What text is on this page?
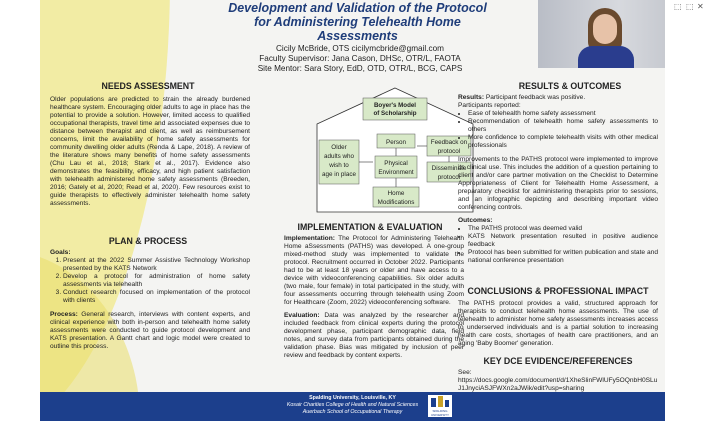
⬚ ⬚ ✕
Development and Validation of the Protocol for Administering Telehealth Home Assessments
Cicily McBride, OTS cicilymcbride@gmail.com
Faculty Supervisor: Jana Cason, DHSc, OTR/L, FAOTA
Site Mentor: Sara Story, EdD, OTD, OTR/L, BCG, CAPS
NEEDS ASSESSMENT
Older populations are predicted to strain the already burdened healthcare system. Encouraging older adults to age in place has the potential to provide a solution. However, limited access to qualified occupational therapists, travel time and associated expenses due to distance between therapist and client, as well as reimbursement concerns, limit the availability of home safety assessments for community dwelling older adults (Renda & Lape, 2018). A review of the literature shows many benefits of home safety assessments (Chu Lau et al., 2018; Stark et al., 2017). Evidence also demonstrates the feasibility, efficacy, and high patient satisfaction with telehealth administered home safety assessments (Breeden, 2016; Gately et al, 2020; Read et al, 2020). Few resources exist to guide therapists to effectively administer telehealth home safety assessments.
PLAN & PROCESS
Goals:
1. Present at the 2022 Summer Assistive Technology Workshop presented by the KATS Network
2. Develop a protocol for administration of home safety assessments via telehealth
3. Conduct research focused on implementation of the protocol with clients
Process: General research, interviews with content experts, and clinical experience with both in-person and telehealth home safety assessments were conducted to guide protocol development and KATS presentation. A Gantt chart and logic model were created to outline this process.
Boyer's Model
of Scholarship
Older
adults who
wish to
age in place
Person
Physical
Environment
Home
Modifications
Feedback on
protocol
Disseminate
protocol
IMPLEMENTATION & EVALUATION
Implementation: The Protocol for Administering Telehealth Home aSsessments (PATHS) was developed. A one-group mixed-method study was implemented to validate the protocol. Recruitment occurred in October 2022. Participants had to be at least 18 years or older and have access to a device with videoconferencing capabilities. Six older adults (two male, four female) in total participated in the study, with four assessments occurring through telehealth using Zoom for Healthcare (Zoom, 2022) videoconferencing software.
Evaluation: Data was analyzed by the researcher and included feedback from clinical experts during the protocol development phase, participant demographic data, field notes, and survey data from participants obtained during the validation phase. Bias was mitigated by inclusion of peer review and feedback by content experts.
RESULTS & OUTCOMES
Results: Participant feedback was positive.
Participants reported:
• Ease of telehealth home safety assessment
• Recommendation of telehealth home safety assessments to others
• More confidence to complete telehealth visits with other medical professionals
Improvements to the PATHS protocol were implemented to improve its clinical use. This includes the addition of a question pertaining to client and/or care partner motivation on the Checklist to Determine Appropriateness of Client for Telehealth Home Assessment, a preparatory checklist for administering therapists prior to sessions, and an infographic depicting and describing important video conferencing controls.
Outcomes:
• The PATHS protocol was deemed valid
• KATS Network presentation resulted in positive audience feedback
• Protocol has been submitted for written publication and state and national conference presentation
CONCLUSIONS & PROFESSIONAL IMPACT
The PATHS protocol provides a valid, structured approach for therapists to conduct telehealth home assessments. The use of telehealth to administer home safety assessments increases access to underserved individuals and is a partial solution to increasing health care costs, shortages of health care practitioners, and an aging 'Baby Boomer' generation.
KEY DCE EVIDENCE/REFERENCES
See:
https://docs.google.com/document/d/1XheSlinFWlUFy5OQnbH0SLuJ1JnyciASJFWXn2aJWik/edit?usp=sharing
Spalding University, Louisville, KY
Kosair Charities College of Health and Natural Sciences
Auerbach School of Occupational Therapy	SPALDING UNIVERSITY
